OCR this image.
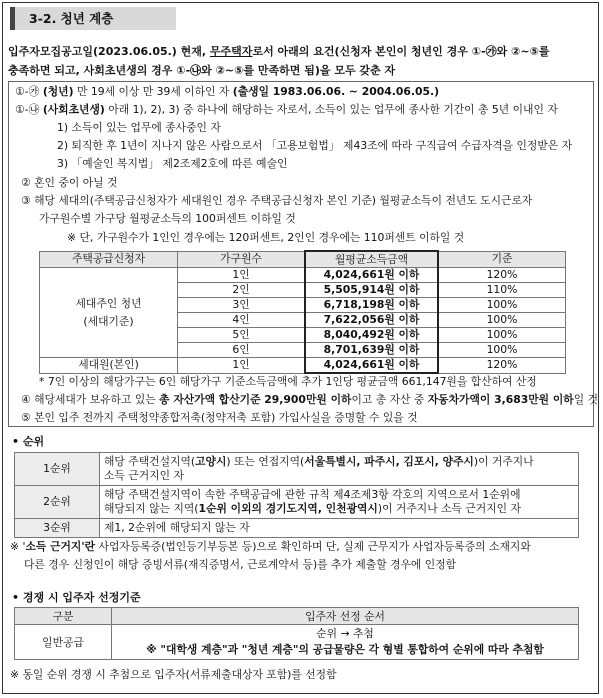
3-2. 청년 계층
입주자모집공고일(2023.06.05.) 현재, 무주택자로서 아래의 요건(신청자 본인이 청년인 경우 ①-㉮와 ②~⑤를
충족하면 되고, 사회초년생의 경우 ①-㉯와 ②~⑤를 만족하면 됨)을 모두 갖춘 자
①-㉮ (청년) 만 19세 이상 만 39세 이하인 자 (출생일 1983.06.06. ~ 2004.06.05.)
①-㉯ (사회초년생) 아래 1), 2), 3) 중 하나에 해당하는 자로서, 소득이 있는 업무에 종사한 기간이 총 5년 이내인 자
1) 소득이 있는 업무에 종사중인 자
2) 퇴직한 후 1년이 지나지 않은 사람으로서 「고용보험법」 제43조에 따라 구직급여 수급자격을 인정받은 자
3) 「예술인 복지법」 제2조제2호에 따른 예술인
② 혼인 중이 아닐 것
③ 해당 세대의(주택공급신청자가 세대원인 경우 주택공급신청자 본인 기준) 월평균소득이 전년도 도시근로자
가구원수별 가구당 월평균소득의 100퍼센트 이하일 것
※ 단, 가구원수가 1인인 경우에는 120퍼센트, 2인인 경우에는 110퍼센트 이하일 것
주택공급신청자	가구원수	월평균소득금액	기준

세대주인 청년
(세대기준)	1인	4,024,661원 이하	120%
	2인	5,505,914원 이하	110%
	3인	6,718,198원 이하	100%
	4인	7,622,056원 이하	100%
	5인	8,040,492원 이하	100%
	6인	8,701,639원 이하	100%
세대원(본인)	1인	4,024,661원 이하	120%
* 7인 이상의 해당가구는 6인 해당가구 기준소득금액에 추가 1인당 평균금액 661,147원을 합산하여 산정
④ 해당세대가 보유하고 있는 총 자산가액 합산기준 29,900만원 이하이고 총 자산 중 자동차가액이 3,683만원 이하일 것
⑤ 본인 입주 전까지 주택청약종합저축(청약저축 포함) 가입사실을 증명할 수 있을 것
• 순위
1순위	해당 주택건설지역(고양시) 또는 연접지역(서울특별시, 파주시, 김포시, 양주시)이 거주지나
소득 근거지인 자

2순위	해당 주택건설지역이 속한 주택공급에 관한 규칙 제4조제3항 각호의 지역으로서 1순위에
해당되지 않는 지역(1순위 이외의 경기도지역, 인천광역시)이 거주지나 소득 근거지인 자

3순위	제1, 2순위에 해당되지 않는 자
※ '소득 근거지'란 사업자등록증(법인등기부등본 등)으로 확인하며 단, 실제 근무지가 사업자등록증의 소재지와
다른 경우 신청인이 해당 증빙서류(재직증명서, 근로계약서 등)를 추가 제출할 경우에 인정함
• 경쟁 시 입주자 선정기준
구분	입주자 선정 순서
일반공급	순위 → 추첨
※ "대학생 계층"과 "청년 계층"의 공급물량은 각 형별 통합하여 순위에 따라 추첨함
※ 동일 순위 경쟁 시 추첨으로 입주자(서류제출대상자 포함)를 선정함
